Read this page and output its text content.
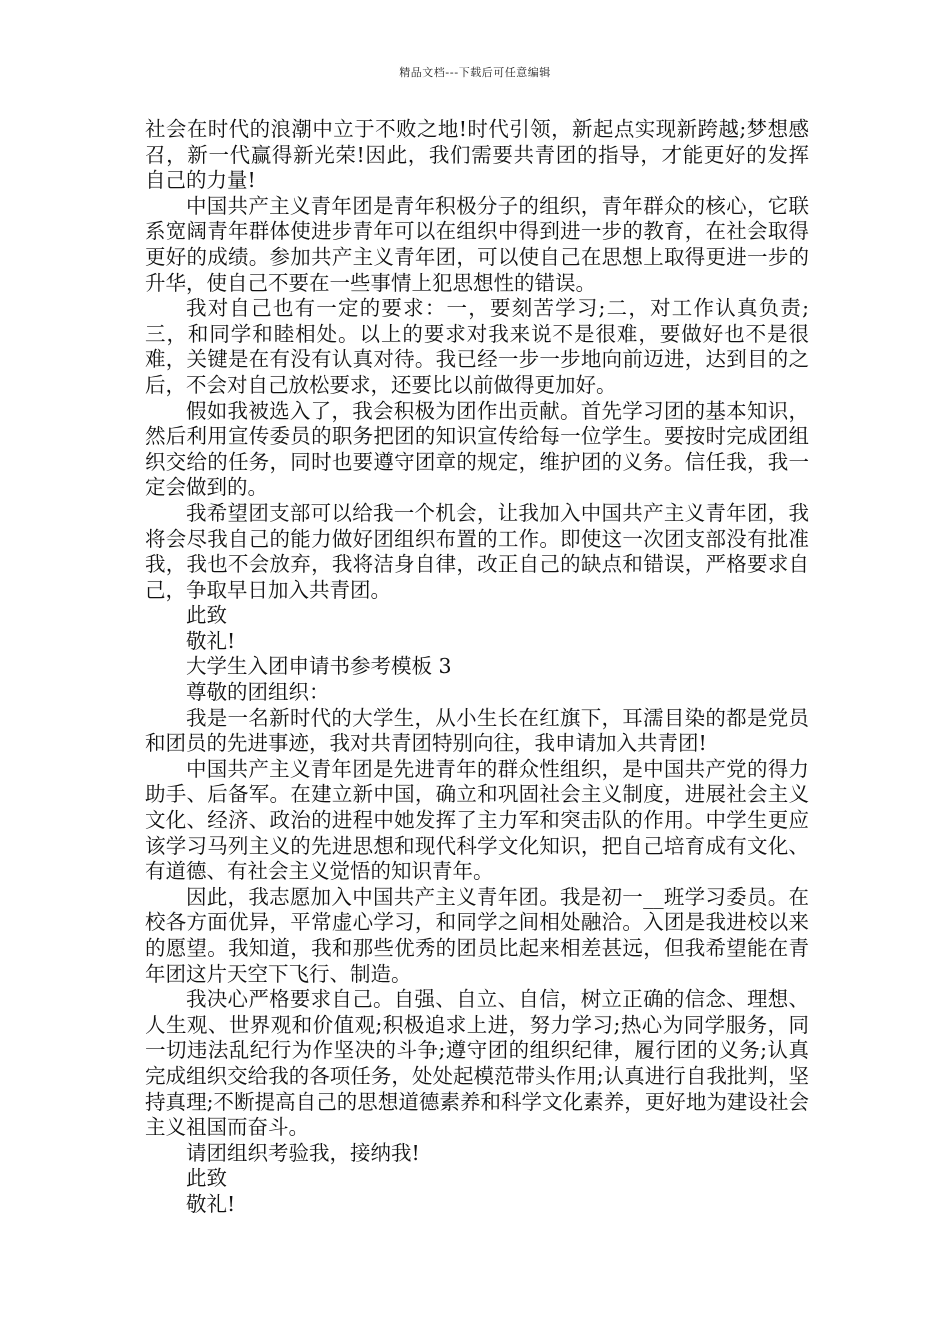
精品文档---下载后可任意编辑

社会在时代的浪潮中立于不败之地!时代引领，新起点实现新跨越;梦想感召，新一代赢得新光荣!因此，我们需要共青团的指导，才能更好的发挥自己的力量!

中国共产主义青年团是青年积极分子的组织，青年群众的核心，它联系宽阔青年群体使进步青年可以在组织中得到进一步的教育，在社会取得更好的成绩。参加共产主义青年团，可以使自己在思想上取得更进一步的升华，使自己不要在一些事情上犯思想性的错误。

我对自己也有一定的要求：一，要刻苦学习;二，对工作认真负责;三，和同学和睦相处。以上的要求对我来说不是很难，要做好也不是很难，关键是在有没有认真对待。我已经一步一步地向前迈进，达到目的之后，不会对自己放松要求，还要比以前做得更加好。

假如我被选入了，我会积极为团作出贡献。首先学习团的基本知识，然后利用宣传委员的职务把团的知识宣传给每一位学生。要按时完成团组织交给的任务，同时也要遵守团章的规定，维护团的义务。信任我，我一定会做到的。

我希望团支部可以给我一个机会，让我加入中国共产主义青年团，我将会尽我自己的能力做好团组织布置的工作。即使这一次团支部没有批准我，我也不会放弃，我将洁身自律，改正自己的缺点和错误，严格要求自己，争取早日加入共青团。

此致

敬礼!

大学生入团申请书参考模板 3

尊敬的团组织：

我是一名新时代的大学生，从小生长在红旗下，耳濡目染的都是党员和团员的先进事迹，我对共青团特别向往，我申请加入共青团!

中国共产主义青年团是先进青年的群众性组织，是中国共产党的得力助手、后备军。在建立新中国，确立和巩固社会主义制度，进展社会主义文化、经济、政治的进程中她发挥了主力军和突击队的作用。中学生更应该学习马列主义的先进思想和现代科学文化知识，把自己培育成有文化、有道德、有社会主义觉悟的知识青年。

因此，我志愿加入中国共产主义青年团。我是初一__班学习委员。在校各方面优异，平常虚心学习，和同学之间相处融洽。入团是我进校以来的愿望。我知道，我和那些优秀的团员比起来相差甚远，但我希望能在青年团这片天空下飞行、制造。

我决心严格要求自己。自强、自立、自信，树立正确的信念、理想、人生观、世界观和价值观;积极追求上进，努力学习;热心为同学服务，同一切违法乱纪行为作坚决的斗争;遵守团的组织纪律，履行团的义务;认真完成组织交给我的各项任务，处处起模范带头作用;认真进行自我批判，坚持真理;不断提高自己的思想道德素养和科学文化素养，更好地为建设社会主义祖国而奋斗。

请团组织考验我，接纳我!

此致

敬礼!
